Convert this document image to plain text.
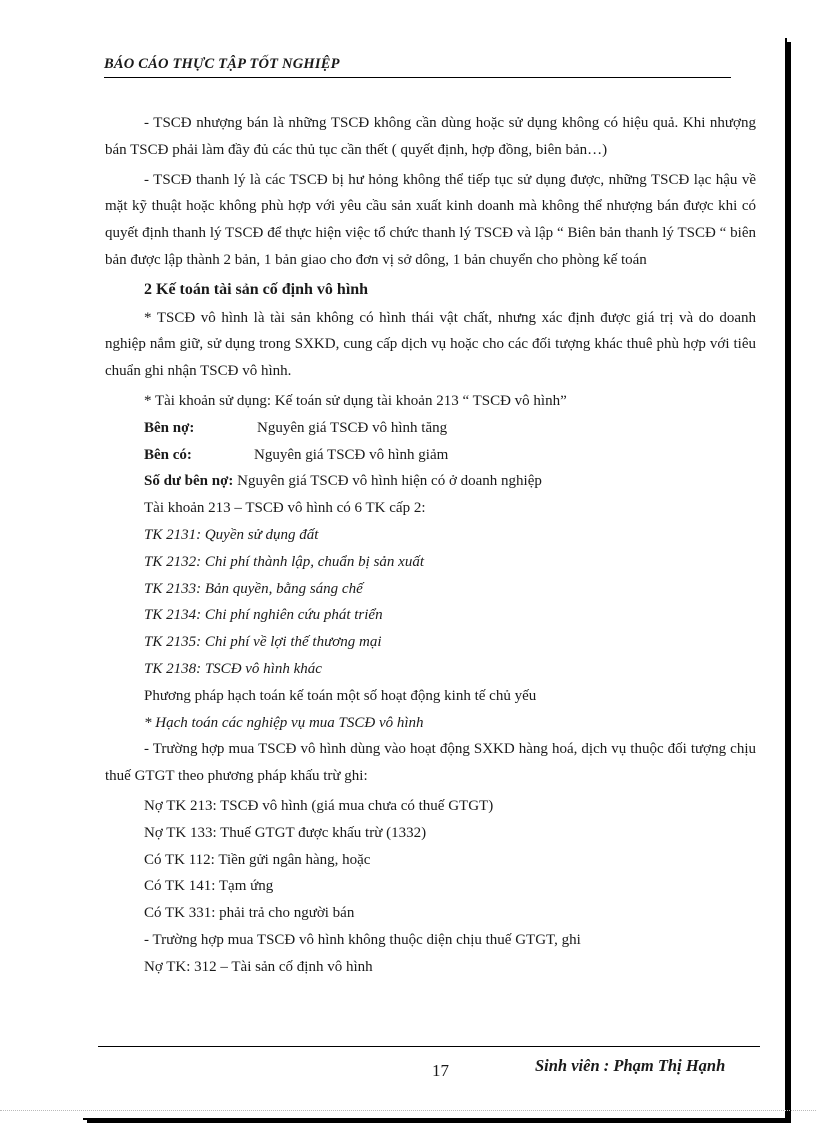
BÁO CÁO THỰC TẬP TỐT NGHIỆP

- TSCĐ nhượng bán là những TSCĐ không cần dùng hoặc sử dụng không có hiệu quả. Khi nhượng bán TSCĐ phải làm đầy đủ các thủ tục cần thết ( quyết định, hợp đồng, biên bản…)

- TSCĐ thanh lý là các TSCĐ bị hư hỏng không thể tiếp tục sử dụng được, những TSCĐ lạc hậu về mặt kỹ thuật hoặc không phù hợp với yêu cầu sản xuất kinh doanh mà không thể nhượng bán được khi có quyết định thanh lý TSCĐ để thực hiện việc tổ chức thanh lý TSCĐ và lập “ Biên bản thanh lý TSCĐ “ biên bản được lập thành 2 bản, 1 bản giao cho đơn vị sở dông, 1 bản chuyển cho phòng kế toán

2 Kế toán tài sản cố định vô hình

* TSCĐ vô hình là tài sản không có hình thái vật chất, nhưng xác định được giá trị và do doanh nghiệp nắm giữ, sử dụng trong SXKD, cung cấp dịch vụ hoặc cho các đối tượng khác thuê phù hợp với tiêu chuẩn ghi nhận TSCĐ vô hình.

* Tài khoản sử dụng: Kế toán sử dụng tài khoản 213 “ TSCĐ vô hình”

Bên nợ:	Nguyên giá TSCĐ vô hình tăng

Bên có:	Nguyên giá TSCĐ vô hình giảm

Số dư bên nợ: Nguyên giá TSCĐ vô hình hiện có ở doanh nghiệp

Tài khoản 213 – TSCĐ vô hình có 6 TK cấp 2:

TK 2131: Quyền sử dụng đất

TK 2132: Chi phí thành lập, chuẩn bị sản xuất

TK 2133: Bản quyền, bằng sáng chế

TK 2134: Chi phí nghiên cứu phát triển

TK 2135: Chi phí về lợi thế thương mại

TK 2138: TSCĐ vô hình khác

Phương pháp hạch toán kế toán một số hoạt động kinh tế chủ yếu

* Hạch toán các nghiệp vụ mua TSCĐ vô hình

- Trường hợp mua TSCĐ vô hình dùng vào hoạt động SXKD hàng hoá, dịch vụ thuộc đối tượng chịu thuế GTGT theo phương pháp khấu trừ ghi:

Nợ TK 213: TSCĐ vô hình (giá mua chưa có thuế GTGT)

Nợ TK 133: Thuế GTGT được khấu trừ (1332)

Có TK 112: Tiền gửi ngân hàng, hoặc

Có TK 141: Tạm ứng

Có TK 331: phải trả cho người bán

- Trường hợp mua TSCĐ vô hình không thuộc diện chịu thuế GTGT, ghi

Nợ TK: 312 – Tài sản cố định vô hình

17	Sinh viên : Phạm Thị Hạnh
